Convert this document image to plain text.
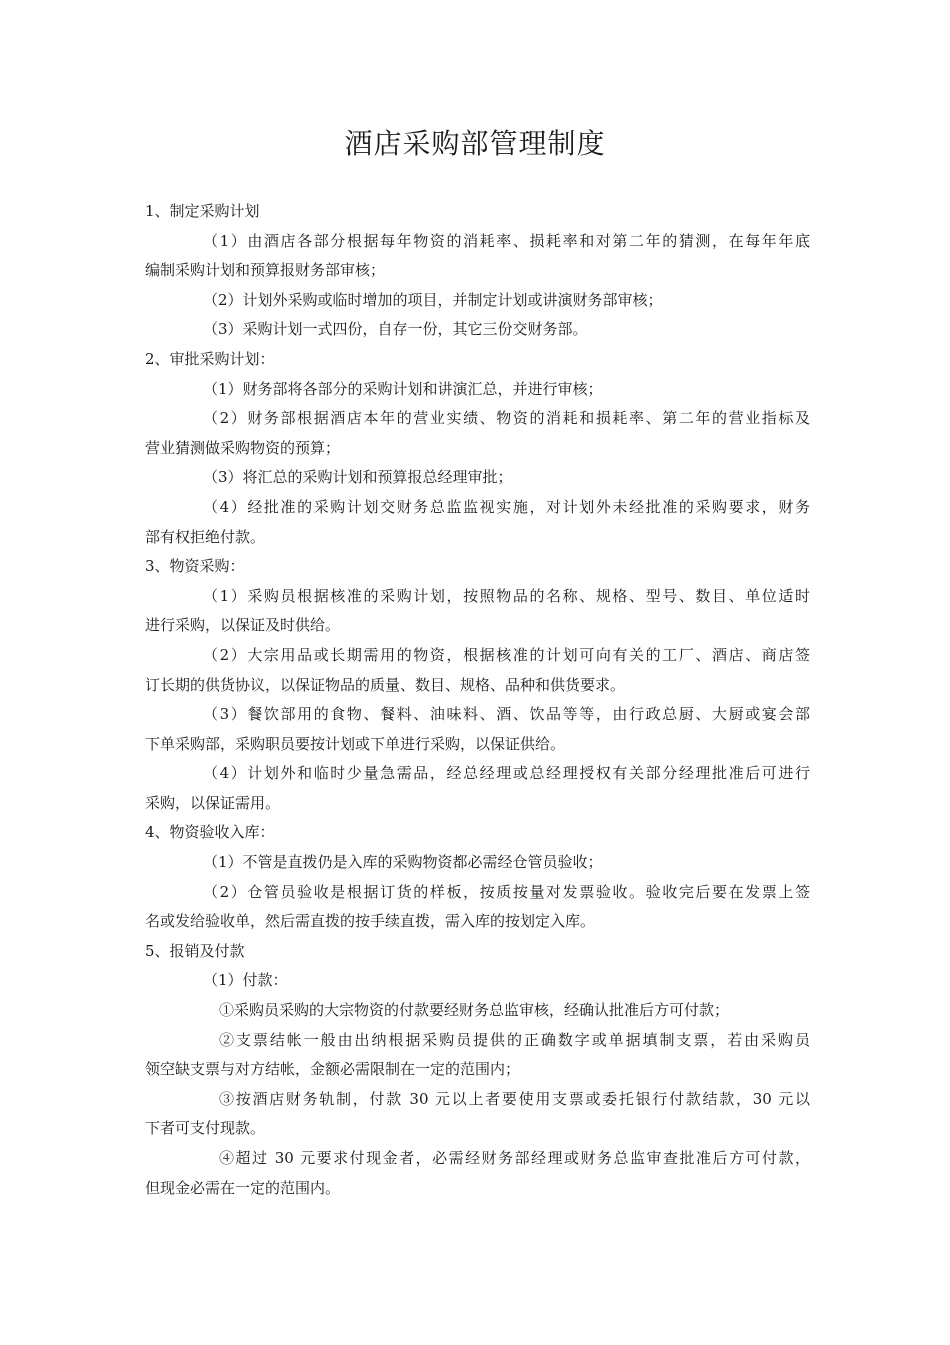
酒店采购部管理制度
1、制定采购计划
（1）由酒店各部分根据每年物资的消耗率、损耗率和对第二年的猜测，在每年年底
编制采购计划和预算报财务部审核；
（2）计划外采购或临时增加的项目，并制定计划或讲演财务部审核；
（3）采购计划一式四份，自存一份，其它三份交财务部。
2、审批采购计划：
（1）财务部将各部分的采购计划和讲演汇总，并进行审核；
（2）财务部根据酒店本年的营业实绩、物资的消耗和损耗率、第二年的营业指标及
营业猜测做采购物资的预算；
（3）将汇总的采购计划和预算报总经理审批；
（4）经批准的采购计划交财务总监监视实施，对计划外未经批准的采购要求，财务
部有权拒绝付款。
3、物资采购：
（1）采购员根据核准的采购计划，按照物品的名称、规格、型号、数目、单位适时
进行采购，以保证及时供给。
（2）大宗用品或长期需用的物资，根据核准的计划可向有关的工厂、酒店、商店签
订长期的供货协议，以保证物品的质量、数目、规格、品种和供货要求。
（3）餐饮部用的食物、餐料、油味料、酒、饮品等等，由行政总厨、大厨或宴会部
下单采购部，采购职员要按计划或下单进行采购，以保证供给。
（4）计划外和临时少量急需品，经总经理或总经理授权有关部分经理批准后可进行
采购，以保证需用。
4、物资验收入库：
（1）不管是直拨仍是入库的采购物资都必需经仓管员验收；
（2）仓管员验收是根据订货的样板，按质按量对发票验收。验收完后要在发票上签
名或发给验收单，然后需直拨的按手续直拨，需入库的按划定入库。
5、报销及付款
（1）付款：
①采购员采购的大宗物资的付款要经财务总监审核，经确认批准后方可付款；
②支票结帐一般由出纳根据采购员提供的正确数字或单据填制支票，若由采购员
领空缺支票与对方结帐，金额必需限制在一定的范围内；
③按酒店财务轨制，付款 30 元以上者要使用支票或委托银行付款结款，30 元以
下者可支付现款。
④超过 30 元要求付现金者，必需经财务部经理或财务总监审查批准后方可付款，
但现金必需在一定的范围内。
